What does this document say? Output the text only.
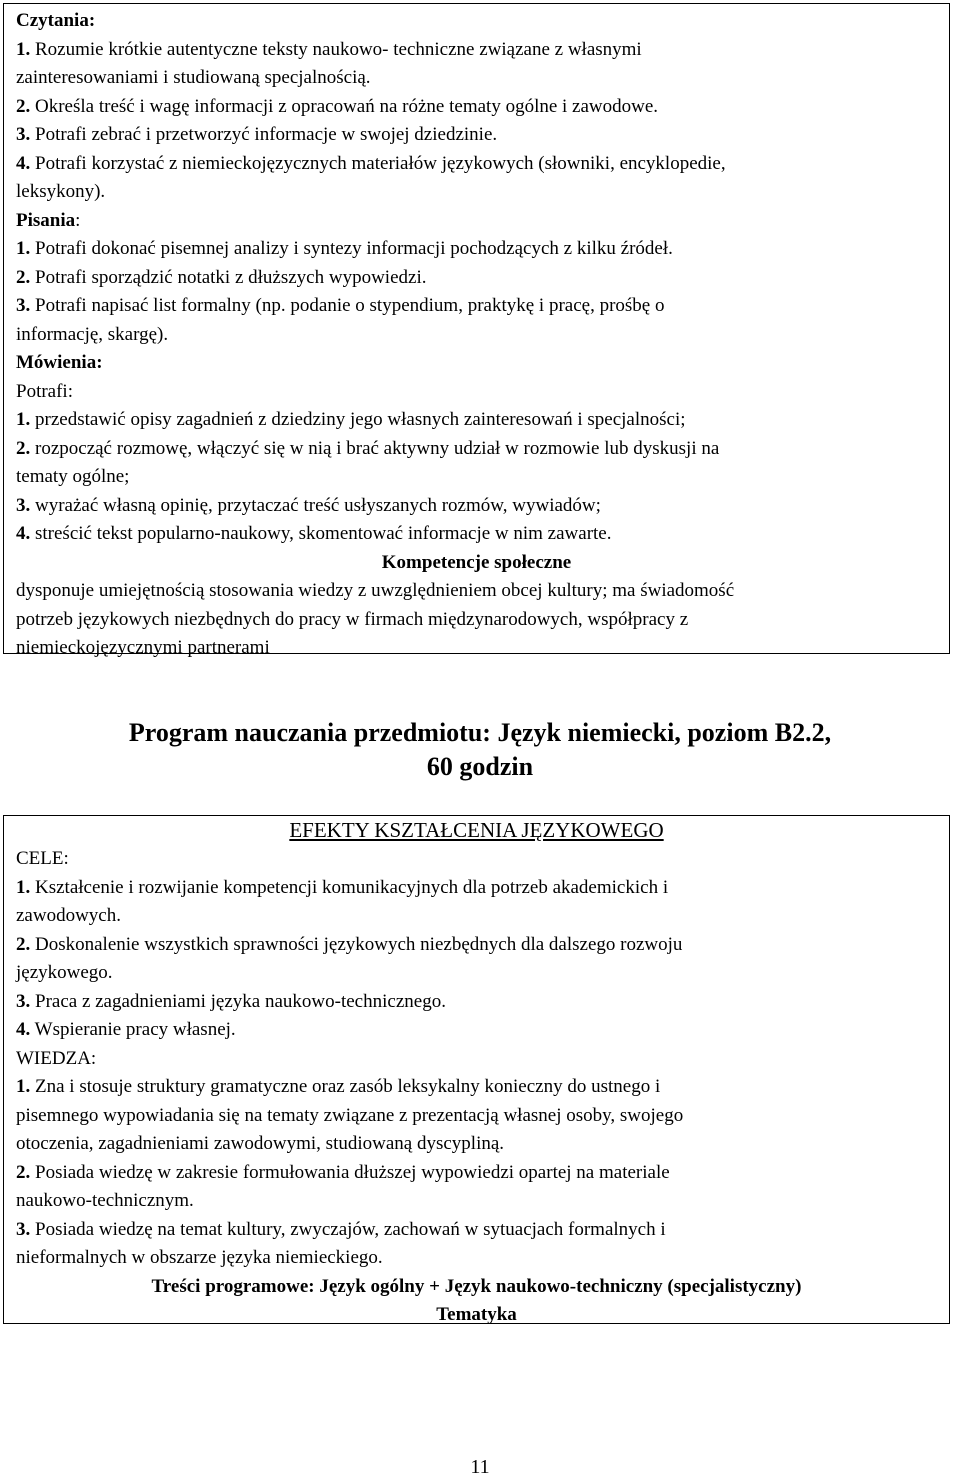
Czytania:
1. Rozumie krótkie autentyczne teksty naukowo- techniczne związane z własnymi
zainteresowaniami i studiowaną specjalnością.
2. Określa treść i wagę informacji z opracowań na różne tematy ogólne i zawodowe.
3. Potrafi zebrać i przetworzyć informacje w swojej dziedzinie.
4. Potrafi korzystać z niemieckojęzycznych materiałów językowych (słowniki, encyklopedie,
leksykony).
Pisania:
1. Potrafi dokonać pisemnej analizy i syntezy informacji pochodzących z kilku źródeł.
2. Potrafi sporządzić notatki z dłuższych wypowiedzi.
3. Potrafi napisać list formalny (np. podanie o stypendium, praktykę i pracę, prośbę o
informację, skargę).
Mówienia:
Potrafi:
1. przedstawić opisy zagadnień z dziedziny jego własnych zainteresowań i specjalności;
2. rozpocząć rozmowę, włączyć się w nią i brać aktywny udział w rozmowie lub dyskusji na
tematy ogólne;
3. wyrażać własną opinię, przytaczać treść usłyszanych rozmów, wywiadów;
4. streścić tekst popularno-naukowy, skomentować informacje w nim zawarte.
Kompetencje społeczne
dysponuje umiejętnością stosowania wiedzy z uwzględnieniem obcej kultury; ma świadomość
potrzeb językowych niezbędnych do pracy w firmach międzynarodowych, współpracy z
niemieckojęzycznymi partnerami
Program nauczania przedmiotu: Język niemiecki, poziom B2.2,
60 godzin
EFEKTY KSZTAŁCENIA JĘZYKOWEGO
CELE:
1. Kształcenie i rozwijanie kompetencji komunikacyjnych dla potrzeb akademickich i
zawodowych.
2. Doskonalenie wszystkich sprawności językowych niezbędnych dla dalszego rozwoju
językowego.
3. Praca z zagadnieniami języka naukowo-technicznego.
4. Wspieranie pracy własnej.
WIEDZA:
1. Zna i stosuje struktury gramatyczne oraz zasób leksykalny konieczny do ustnego i
pisemnego wypowiadania się na tematy związane z prezentacją własnej osoby, swojego
otoczenia, zagadnieniami zawodowymi, studiowaną dyscypliną.
2. Posiada wiedzę w zakresie formułowania dłuższej wypowiedzi opartej na materiale
naukowo-technicznym.
3. Posiada wiedzę na temat kultury, zwyczajów, zachowań w sytuacjach formalnych i
nieformalnych w obszarze języka niemieckiego.
Treści programowe: Język ogólny + Język naukowo-techniczny (specjalistyczny)
Tematyka
11
